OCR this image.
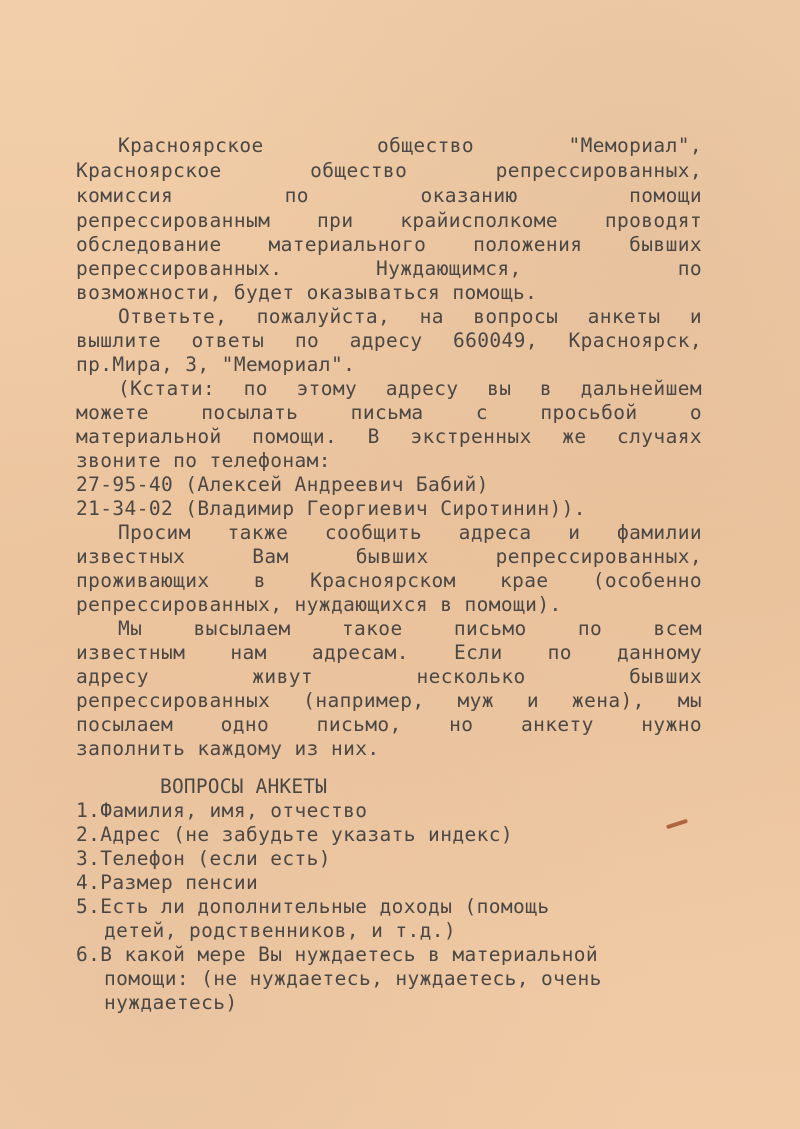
Красноярское      общество     "Мемориал",
Красноярское    общество    репрессированных,
комиссия      по      оказанию      помощи
репрессированным при крайисполкоме проводят
обследование материального положения бывших
репрессированных.   Нуждающимся,     по
возможности, будет оказываться помощь.
Ответьте, пожалуйста, на вопросы анкеты и
вышлите ответы по адресу 660049, Красноярск,
пр.Мира, 3, "Мемориал".
(Кстати: по этому адресу вы в дальнейшем
можете посылать письма с просьбой о
материальной помощи. В экстренных же случаях
звоните по телефонам:
27-95-40 (Алексей Андреевич Бабий)
21-34-02 (Владимир Георгиевич Сиротинин)).
Просим также сообщить адреса и фамилии
известных  Вам  бывших  репрессированных,
проживающих в Красноярском крае (особенно
репрессированных, нуждающихся в помощи).
Мы высылаем такое письмо по всем
известным нам адресам. Если по данному
адресу   живут   несколько   бывших
репрессированных (например, муж и жена), мы
посылаем одно письмо, но анкету нужно
заполнить каждому из них.
ВОПРОСЫ АНКЕТЫ
1.Фамилия, имя, отчество
2.Адрес (не забудьте указать индекс)
3.Телефон (если есть)
4.Размер пенсии
5.Есть ли дополнительные доходы (помощь
детей, родственников, и т.д.)
6.В какой мере Вы нуждаетесь в материальной
помощи: (не нуждаетесь, нуждаетесь, очень
нуждаетесь)
